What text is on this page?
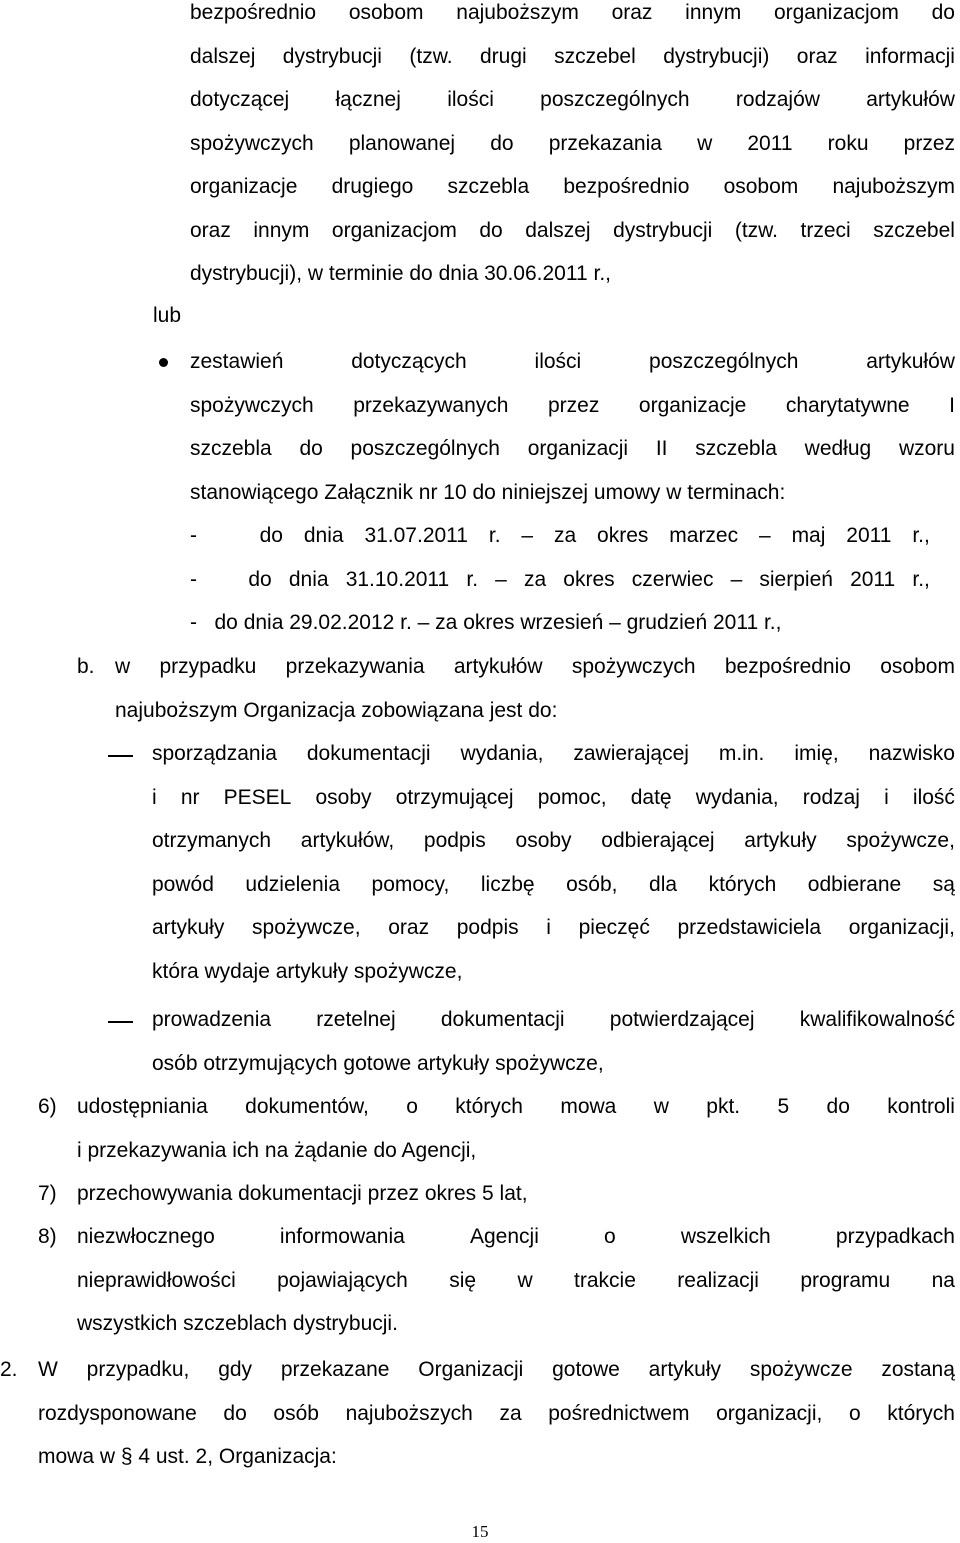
15
bezpośrednio osobom najuboższym oraz innym organizacjom do
dalszej dystrybucji (tzw. drugi szczebel dystrybucji) oraz informacji
dotyczącej łącznej ilości poszczególnych rodzajów artykułów
spożywczych planowanej do przekazania w 2011 roku przez
organizacje drugiego szczebla bezpośrednio osobom najuboższym
oraz innym organizacjom do dalszej dystrybucji (tzw. trzeci szczebel
dystrybucji), w terminie do dnia 30.06.2011 r.,
lub
zestawień	dotyczących	ilości	poszczególnych	artykułów
spożywczych przekazywanych przez organizacje charytatywne I
szczebla do poszczególnych organizacji II szczebla według wzoru
stanowiącego Załącznik nr 10 do niniejszej umowy w terminach:
-	do dnia 31.07.2011 r. – za okres marzec – maj 2011 r.,
- do dnia 31.10.2011 r. – za okres czerwiec – sierpień 2011 r.,
-   do dnia 29.02.2012 r. – za okres wrzesień – grudzień 2011 r.,
b. w przypadku przekazywania artykułów spożywczych bezpośrednio osobom
najuboższym Organizacja zobowiązana jest do:
sporządzania dokumentacji wydania, zawierającej m.in. imię, nazwisko
i nr PESEL osoby otrzymującej pomoc, datę wydania, rodzaj i ilość
otrzymanych artykułów, podpis osoby odbierającej artykuły spożywcze,
powód udzielenia pomocy, liczbę osób, dla których odbierane są
artykuły spożywcze, oraz podpis i pieczęć przedstawiciela organizacji,
która wydaje artykuły spożywcze,
prowadzenia rzetelnej dokumentacji potwierdzającej kwalifikowalność
osób otrzymujących gotowe artykuły spożywcze,
6) udostępniania dokumentów, o których mowa w pkt. 5 do kontroli
i przekazywania ich na żądanie do Agencji,
7) przechowywania dokumentacji przez okres 5 lat,
8) niezwłocznego	informowania	Agencji	o	wszelkich	przypadkach
nieprawidłowości pojawiających się w trakcie realizacji programu na
wszystkich szczeblach dystrybucji.
2. W przypadku, gdy przekazane Organizacji gotowe artykuły spożywcze zostaną
rozdysponowane do osób najuboższych za pośrednictwem organizacji, o których
mowa w § 4 ust. 2, Organizacja:
